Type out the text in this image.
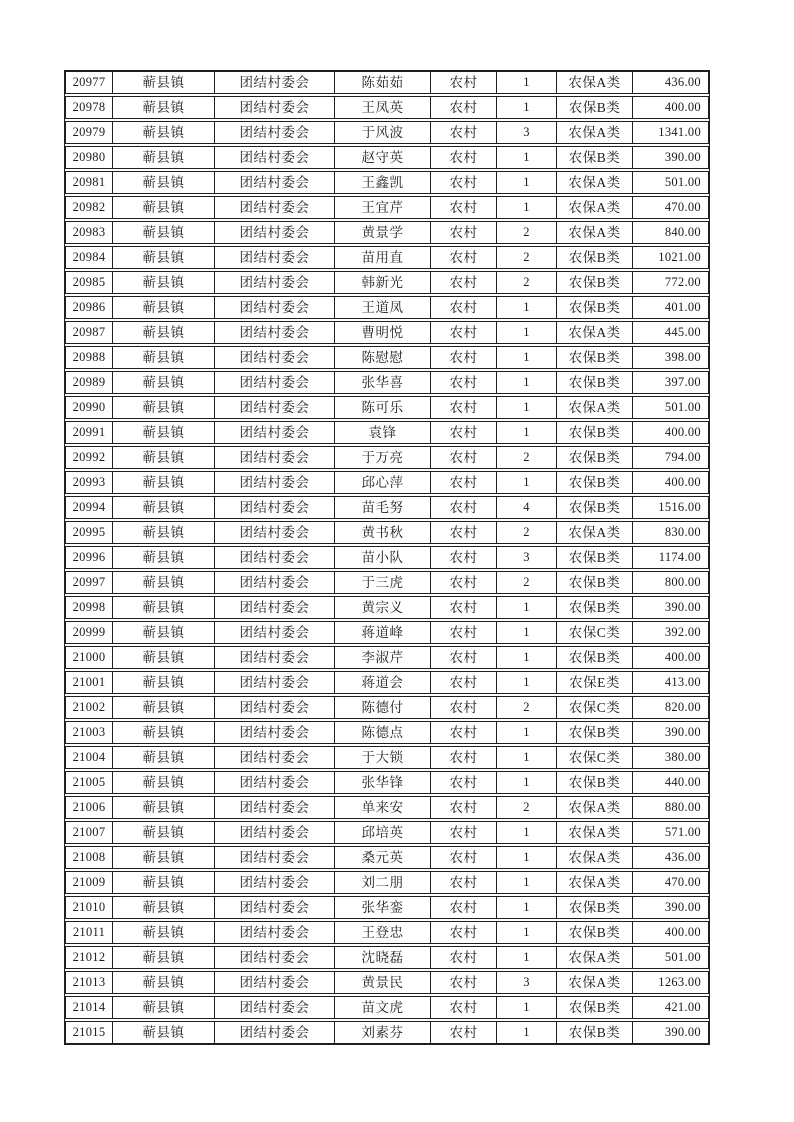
20977	蕲县镇	团结村委会	陈茹茹	农村	1	农保A类	436.00
20978	蕲县镇	团结村委会	王凤英	农村	1	农保B类	400.00
20979	蕲县镇	团结村委会	于风波	农村	3	农保A类	1341.00
20980	蕲县镇	团结村委会	赵守英	农村	1	农保B类	390.00
20981	蕲县镇	团结村委会	王鑫凯	农村	1	农保A类	501.00
20982	蕲县镇	团结村委会	王宜芹	农村	1	农保A类	470.00
20983	蕲县镇	团结村委会	黄景学	农村	2	农保A类	840.00
20984	蕲县镇	团结村委会	苗用直	农村	2	农保B类	1021.00
20985	蕲县镇	团结村委会	韩新光	农村	2	农保B类	772.00
20986	蕲县镇	团结村委会	王道凤	农村	1	农保B类	401.00
20987	蕲县镇	团结村委会	曹明悦	农村	1	农保A类	445.00
20988	蕲县镇	团结村委会	陈慰慰	农村	1	农保B类	398.00
20989	蕲县镇	团结村委会	张华喜	农村	1	农保B类	397.00
20990	蕲县镇	团结村委会	陈可乐	农村	1	农保A类	501.00
20991	蕲县镇	团结村委会	袁锋	农村	1	农保B类	400.00
20992	蕲县镇	团结村委会	于万亮	农村	2	农保B类	794.00
20993	蕲县镇	团结村委会	邱心萍	农村	1	农保B类	400.00
20994	蕲县镇	团结村委会	苗毛努	农村	4	农保B类	1516.00
20995	蕲县镇	团结村委会	黄书秋	农村	2	农保A类	830.00
20996	蕲县镇	团结村委会	苗小队	农村	3	农保B类	1174.00
20997	蕲县镇	团结村委会	于三虎	农村	2	农保B类	800.00
20998	蕲县镇	团结村委会	黄宗义	农村	1	农保B类	390.00
20999	蕲县镇	团结村委会	蒋道峰	农村	1	农保C类	392.00
21000	蕲县镇	团结村委会	李淑芹	农村	1	农保B类	400.00
21001	蕲县镇	团结村委会	蒋道会	农村	1	农保E类	413.00
21002	蕲县镇	团结村委会	陈德付	农村	2	农保C类	820.00
21003	蕲县镇	团结村委会	陈德点	农村	1	农保B类	390.00
21004	蕲县镇	团结村委会	于大锁	农村	1	农保C类	380.00
21005	蕲县镇	团结村委会	张华锋	农村	1	农保B类	440.00
21006	蕲县镇	团结村委会	单来安	农村	2	农保A类	880.00
21007	蕲县镇	团结村委会	邱培英	农村	1	农保A类	571.00
21008	蕲县镇	团结村委会	桑元英	农村	1	农保A类	436.00
21009	蕲县镇	团结村委会	刘二朋	农村	1	农保A类	470.00
21010	蕲县镇	团结村委会	张华銮	农村	1	农保B类	390.00
21011	蕲县镇	团结村委会	王登忠	农村	1	农保B类	400.00
21012	蕲县镇	团结村委会	沈晓磊	农村	1	农保A类	501.00
21013	蕲县镇	团结村委会	黄景民	农村	3	农保A类	1263.00
21014	蕲县镇	团结村委会	苗文虎	农村	1	农保B类	421.00
21015	蕲县镇	团结村委会	刘素芬	农村	1	农保B类	390.00
